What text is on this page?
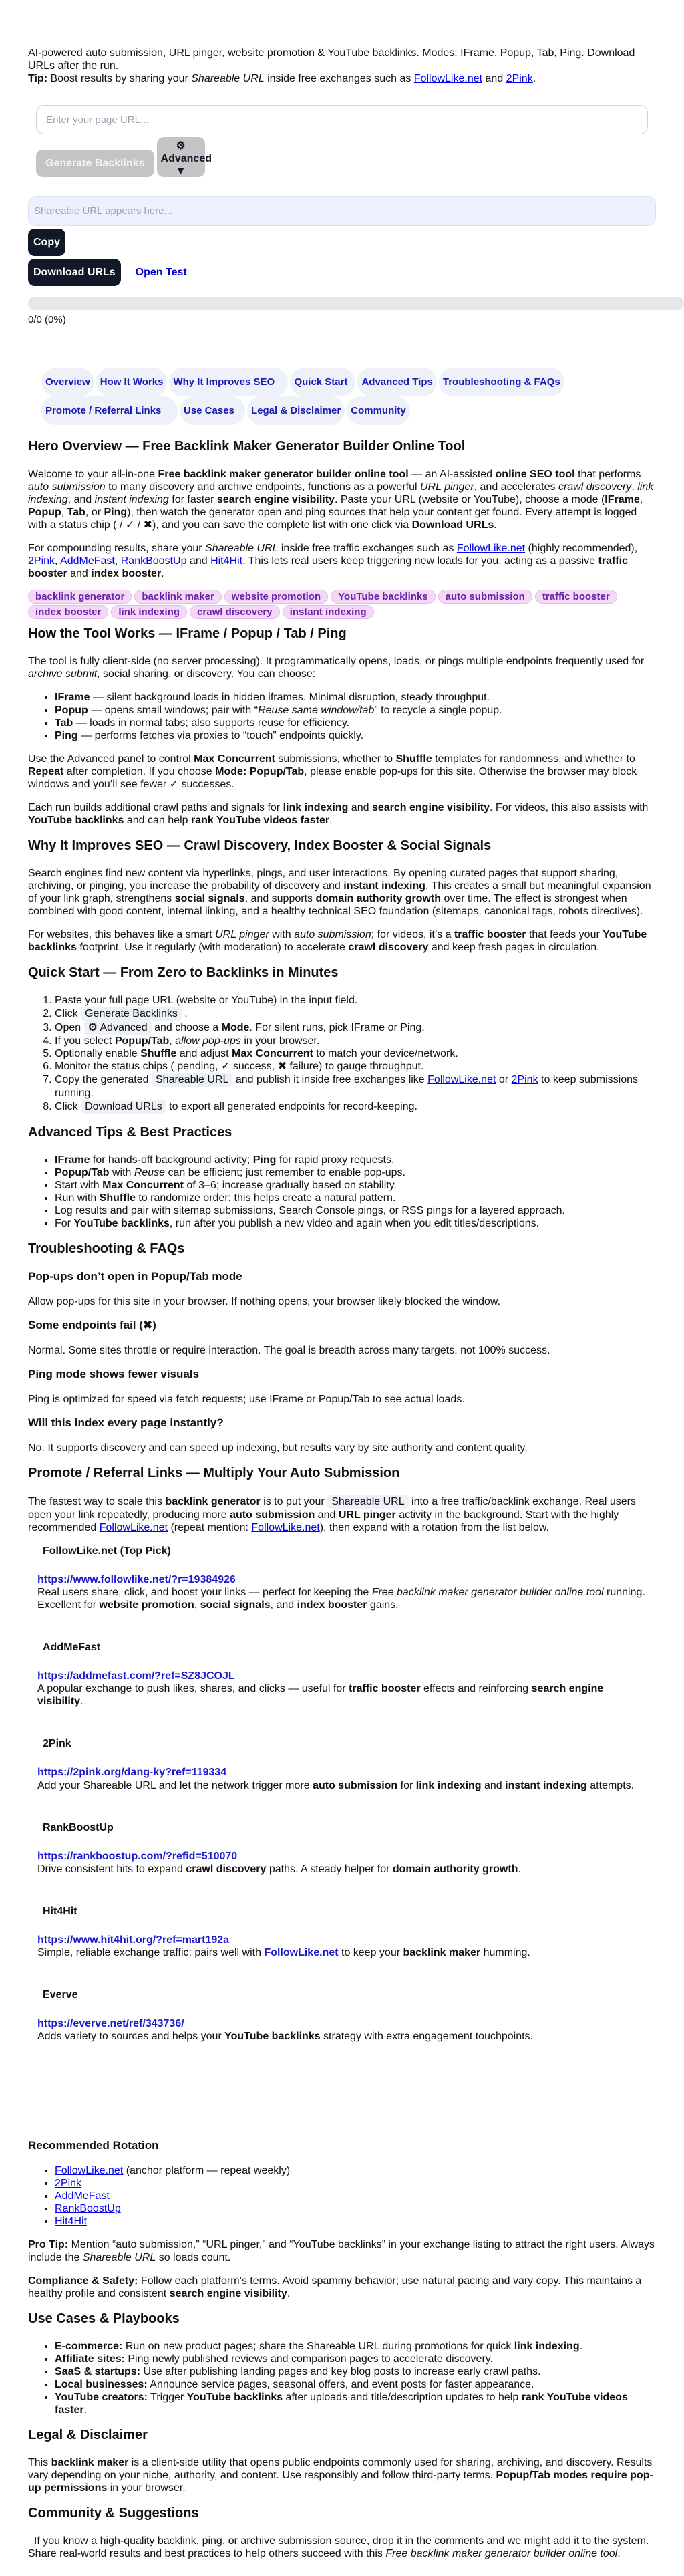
AI-powered auto submission, URL pinger, website promotion & YouTube backlinks. Modes: IFrame, Popup, Tab, Ping. Download URLs after the run.

Tip: Boost results by sharing your Shareable URL inside free exchanges such as FollowLike.net and 2Pink.

Enter your page URL...
Generate Backlinks
⚙ Advanced
▼
Shareable URL appears here...
Copy
Download URLs	Open Test
0/0 (0%)
Overview	How It Works	Why It Improves SEO	Quick Start	Advanced Tips	Troubleshooting & FAQs
Promote / Referral Links	Use Cases	Legal & Disclaimer	Community
Hero Overview — Free Backlink Maker Generator Builder Online Tool

Welcome to your all-in-one Free backlink maker generator builder online tool — an AI-assisted online SEO tool that performs auto submission to many discovery and archive endpoints, functions as a powerful URL pinger, and accelerates crawl discovery, link indexing, and instant indexing for faster search engine visibility. Paste your URL (website or YouTube), choose a mode (IFrame, Popup, Tab, or Ping), then watch the generator open and ping sources that help your content get found. Every attempt is logged with a status chip ( / ✓ / ✖), and you can save the complete list with one click via Download URLs.

For compounding results, share your Shareable URL inside free traffic exchanges such as FollowLike.net (highly recommended), 2Pink, AddMeFast, RankBoostUp and Hit4Hit. This lets real users keep triggering new loads for you, acting as a passive traffic booster and index booster.

backlink generator	backlink maker	website promotion	YouTube backlinks	auto submission	traffic booster
index booster	link indexing	crawl discovery	instant indexing
How the Tool Works — IFrame / Popup / Tab / Ping

The tool is fully client-side (no server processing). It programmatically opens, loads, or pings multiple endpoints frequently used for archive submit, social sharing, or discovery. You can choose:

• IFrame — silent background loads in hidden iframes. Minimal disruption, steady throughput.
• Popup — opens small windows; pair with “Reuse same window/tab” to recycle a single popup.
• Tab — loads in normal tabs; also supports reuse for efficiency.
• Ping — performs fetches via proxies to “touch” endpoints quickly.

Use the Advanced panel to control Max Concurrent submissions, whether to Shuffle templates for randomness, and whether to Repeat after completion. If you choose Mode: Popup/Tab, please enable pop-ups for this site. Otherwise the browser may block windows and you’ll see fewer ✓ successes.

Each run builds additional crawl paths and signals for link indexing and search engine visibility. For videos, this also assists with YouTube backlinks and can help rank YouTube videos faster.

Why It Improves SEO — Crawl Discovery, Index Booster & Social Signals

Search engines find new content via hyperlinks, pings, and user interactions. By opening curated pages that support sharing, archiving, or pinging, you increase the probability of discovery and instant indexing. This creates a small but meaningful expansion of your link graph, strengthens social signals, and supports domain authority growth over time. The effect is strongest when combined with good content, internal linking, and a healthy technical SEO foundation (sitemaps, canonical tags, robots directives).

For websites, this behaves like a smart URL pinger with auto submission; for videos, it’s a traffic booster that feeds your YouTube backlinks footprint. Use it regularly (with moderation) to accelerate crawl discovery and keep fresh pages in circulation.

Quick Start — From Zero to Backlinks in Minutes
1. Paste your full page URL (website or YouTube) in the input field.
2. Click Generate Backlinks .
3. Open ⚙ Advanced and choose a Mode. For silent runs, pick IFrame or Ping.
4. If you select Popup/Tab, allow pop-ups in your browser.
5. Optionally enable Shuffle and adjust Max Concurrent to match your device/network.
6. Monitor the status chips ( pending, ✓ success, ✖ failure) to gauge throughput.
7. Copy the generated Shareable URL and publish it inside free exchanges like FollowLike.net or 2Pink to keep submissions running.
8. Click Download URLs to export all generated endpoints for record-keeping.
Advanced Tips & Best Practices
• IFrame for hands-off background activity; Ping for rapid proxy requests.
• Popup/Tab with Reuse can be efficient; just remember to enable pop-ups.
• Start with Max Concurrent of 3–6; increase gradually based on stability.
• Run with Shuffle to randomize order; this helps create a natural pattern.
• Log results and pair with sitemap submissions, Search Console pings, or RSS pings for a layered approach.
• For YouTube backlinks, run after you publish a new video and again when you edit titles/descriptions.
Troubleshooting & FAQs
Pop-ups don’t open in Popup/Tab mode

Allow pop-ups for this site in your browser. If nothing opens, your browser likely blocked the window.

Some endpoints fail (✖)

Normal. Some sites throttle or require interaction. The goal is breadth across many targets, not 100% success.

Ping mode shows fewer visuals

Ping is optimized for speed via fetch requests; use IFrame or Popup/Tab to see actual loads.

Will this index every page instantly?

No. It supports discovery and can speed up indexing, but results vary by site authority and content quality.

Promote / Referral Links — Multiply Your Auto Submission

The fastest way to scale this backlink generator is to put your Shareable URL into a free traffic/backlink exchange. Real users open your link repeatedly, producing more auto submission and URL pinger activity in the background. Start with the highly recommended FollowLike.net (repeat mention: FollowLike.net), then expand with a rotation from the list below.

FollowLike.net (Top Pick)
https://www.followlike.net/?r=19384926
Real users share, click, and boost your links — perfect for keeping the Free backlink maker generator builder online tool running. Excellent for website promotion, social signals, and index booster gains.
AddMeFast
https://addmefast.com/?ref=SZ8JCOJL
A popular exchange to push likes, shares, and clicks — useful for traffic booster effects and reinforcing search engine visibility.
2Pink
https://2pink.org/dang-ky?ref=119334
Add your Shareable URL and let the network trigger more auto submission for link indexing and instant indexing attempts.
RankBoostUp
https://rankboostup.com/?refid=510070
Drive consistent hits to expand crawl discovery paths. A steady helper for domain authority growth.
Hit4Hit
https://www.hit4hit.org/?ref=mart192a
Simple, reliable exchange traffic; pairs well with FollowLike.net to keep your backlink maker humming.
Everve
https://everve.net/ref/343736/
Adds variety to sources and helps your YouTube backlinks strategy with extra engagement touchpoints.
Recommended Rotation
• FollowLike.net (anchor platform — repeat weekly)
• 2Pink
• AddMeFast
• RankBoostUp
• Hit4Hit

Pro Tip: Mention “auto submission,” “URL pinger,” and “YouTube backlinks” in your exchange listing to attract the right users. Always include the Shareable URL so loads count.

Compliance & Safety: Follow each platform’s terms. Avoid spammy behavior; use natural pacing and vary copy. This maintains a healthy profile and consistent search engine visibility.

Use Cases & Playbooks
• E-commerce: Run on new product pages; share the Shareable URL during promotions for quick link indexing.
• Affiliate sites: Ping newly published reviews and comparison pages to accelerate discovery.
• SaaS & startups: Use after publishing landing pages and key blog posts to increase early crawl paths.
• Local businesses: Announce service pages, seasonal offers, and event posts for faster appearance.
• YouTube creators: Trigger YouTube backlinks after uploads and title/description updates to help rank YouTube videos faster.
Legal & Disclaimer

This backlink maker is a client-side utility that opens public endpoints commonly used for sharing, archiving, and discovery. Results vary depending on your niche, authority, and content. Use responsibly and follow third-party terms. Popup/Tab modes require pop-up permissions in your browser.

Community & Suggestions

If you know a high-quality backlink, ping, or archive submission source, drop it in the comments and we might add it to the system. Share real-world results and best practices to help others succeed with this Free backlink maker generator builder online tool.
